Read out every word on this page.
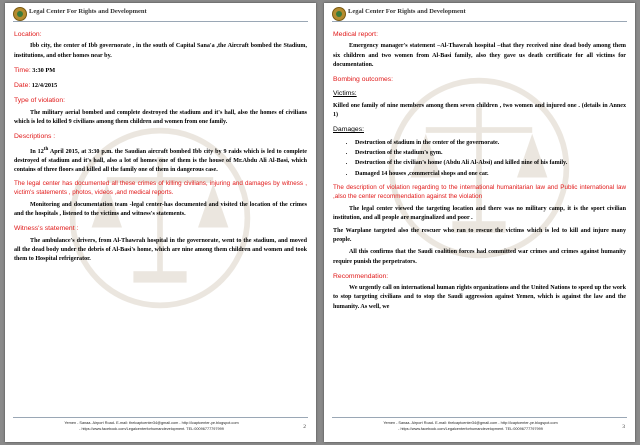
Legal Center For Rights and Development
Location:

Ibb city, the center of Ibb governorate , in the south of Capital Sana'a ,the Aircraft bombed the Stadium, institutions, and other homes near by.

Time: 3:30 PM
Date: 12/4/2015
Type of violation:

The military aerial bombed and complete destroyed the stadium and it's hall, also the homes of civilians which is led to killed 9 civilians among them children and women from one family.

Descriptions :

In 12th April 2015, at 3:30 p.m. the Saudian aircraft bombed Ibb city by 9 raids which is led to complete destroyed of stadium and it's hall, also a lot of homes one of them is the house of Mr.Abdu Ali Al-Basi, which contains of three floors and killed all the family one of them in dangerous case.

The legal center has documented all these crimes of killing civilians, injuring and damages by witness , victim's statements , photos, videos ,and medical reports.

Monitoring and documentation team -legal center-has documented and visited the location of the crimes and the hospitals , listened to the victims and witness's statements.

Witness's statement :

The ambulance's drivers, from Al-Thawrah hospital in the governorate, went to the stadium, and moved all the dead body under the debris of Al-Basi's home, which are nine among them children and women and took them to Hospital refrigerator.

Yemen - Sanaa- Airport Road- E-mail: thelcaptcenter34@gmail.com - http://lcaptcenter-ye.blogspot.com
- https://www.facebook.com/Legalcenterforhumandevelopment. TEL:00096777797999	2
Legal Center For Rights and Development
Medical report:

Emergency manager's statement –Al-Thawrah hospital –that they received nine dead body among them six children and two women from Al-Basi family, also they gave us death certificate for all victims for documentation.

Bombing outcomes:
Victims:

Killed one family of nine members among them seven children , two women and injured one . (details in Annex 1)

Damages:
• Destruction of stadium in the center of the governorate.
• Destruction of the stadium's gym.
• Destruction of the civilian's home (Abdu Ali Al-Absi) and killed nine of his family.
• Damaged 14 houses ,commercial shops and one car.
The description of violation regarding to the international humanitarian law and Public international law ,also the center recommendation against the violation

The legal center viewed the targeting location and there was no military camp, it is the sport civilian institution, and all people are marginalized and poor .

The Warplane targeted also the rescuer who ran to rescue the victims which is led to kill and injure many people.

All this confirms that the Saudi coalition forces had committed war crimes and crimes against humanity require punish the perpetrators.

Recommendation:

We urgently call on international human rights organizations and the United Nations to speed up the work to stop targeting civilians and to stop the Saudi aggression against Yemen, which is against the law and the humanity. As well, we

Yemen - Sanaa- Airport Road- E-mail: thelcaptcenter34@gmail.com - http://lcaptcenter-ye.blogspot.com
- https://www.facebook.com/Legalcenterforhumandevelopment. TEL:00096777797999	3
